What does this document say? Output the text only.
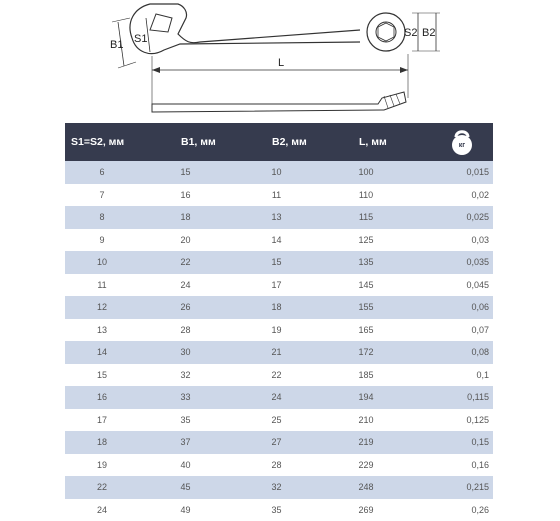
B1 S1	S2 B2
L
S1=S2, мм	B1, мм	B2, мм	L, мм	кг

6	15	10	100	0,015
7	16	11	110	0,02
8	18	13	115	0,025
9	20	14	125	0,03
10	22	15	135	0,035
11	24	17	145	0,045
12	26	18	155	0,06
13	28	19	165	0,07
14	30	21	172	0,08
15	32	22	185	0,1
16	33	24	194	0,115
17	35	25	210	0,125
18	37	27	219	0,15
19	40	28	229	0,16
22	45	32	248	0,215
24	49	35	269	0,26
